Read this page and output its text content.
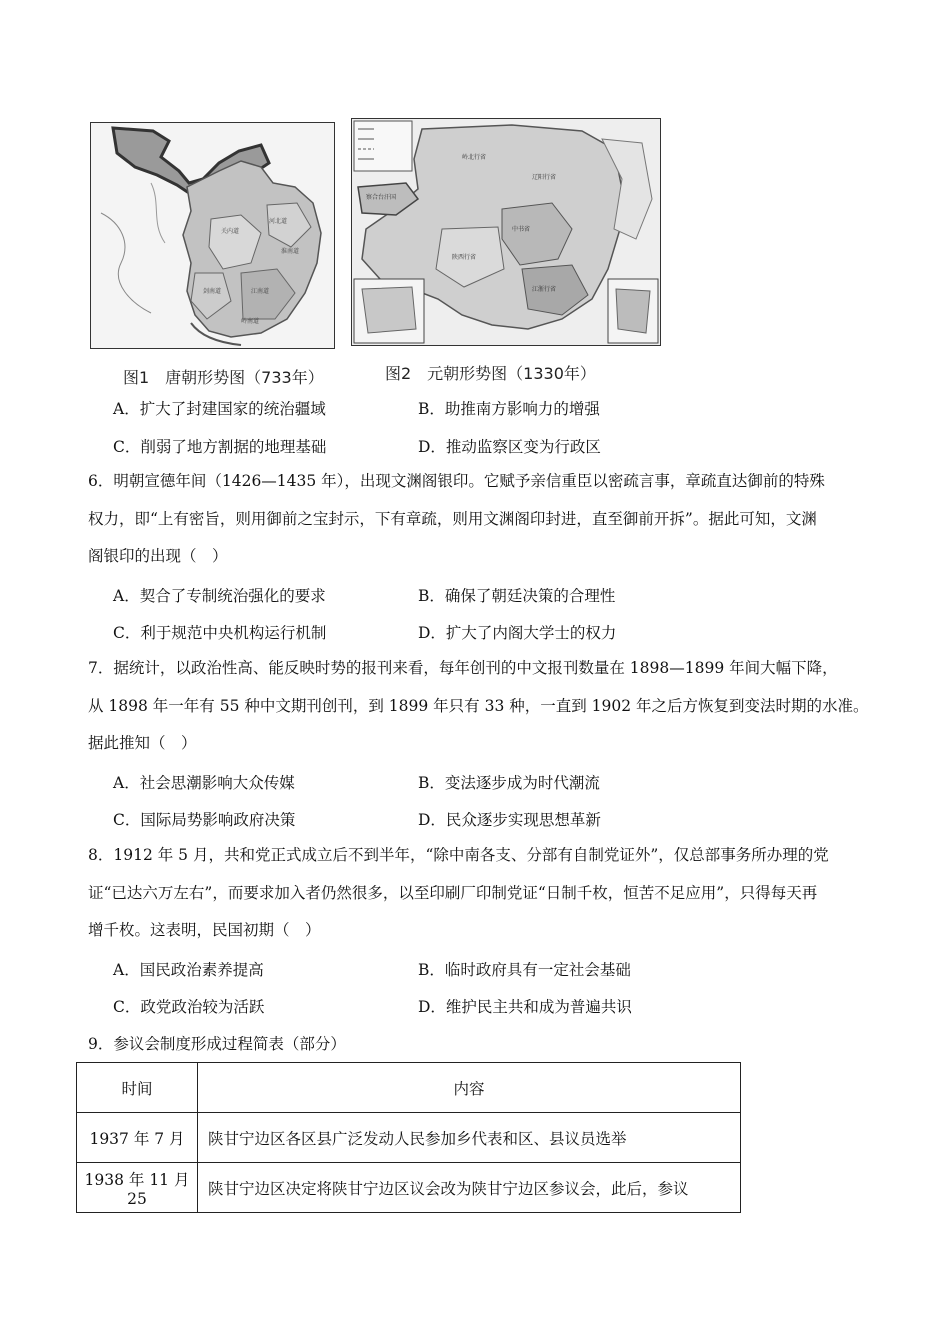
关内道
河北道
江南道
剑南道
岭南道
淮南道
图1　唐朝形势图（733年）
岭北行省
辽阳行省
中书省
陕西行省
江浙行省
察合台汗国
图2　元朝形势图（1330年）
A．扩大了封建国家的统治疆域	B．助推南方影响力的增强
C．削弱了地方割据的地理基础	D．推动监察区变为行政区
6．明朝宣德年间（1426—1435 年），出现文渊阁银印。它赋予亲信重臣以密疏言事，章疏直达御前的特殊
权力，即“上有密旨，则用御前之宝封示，下有章疏，则用文渊阁印封进，直至御前开拆”。据此可知，文渊
阁银印的出现（　）
A．契合了专制统治强化的要求	B．确保了朝廷决策的合理性
C．利于规范中央机构运行机制	D．扩大了内阁大学士的权力
7．据统计，以政治性高、能反映时势的报刊来看，每年创刊的中文报刊数量在 1898—1899 年间大幅下降，
从 1898 年一年有 55 种中文期刊创刊，到 1899 年只有 33 种，一直到 1902 年之后方恢复到变法时期的水准。
据此推知（　）
A．社会思潮影响大众传媒	B．变法逐步成为时代潮流
C．国际局势影响政府决策	D．民众逐步实现思想革新
8．1912 年 5 月，共和党正式成立后不到半年，“除中南各支、分部有自制党证外”，仅总部事务所办理的党
证“已达六万左右”，而要求加入者仍然很多，以至印刷厂印制党证“日制千枚，恒苦不足应用”，只得每天再
增千枚。这表明，民国初期（　）
A．国民政治素养提高	B．临时政府具有一定社会基础
C．政党政治较为活跃	D．维护民主共和成为普遍共识
9．参议会制度形成过程简表（部分）
时间	内容
1937 年 7 月	陕甘宁边区各区县广泛发动人民参加乡代表和区、县议员选举
1938 年 11 月 25	陕甘宁边区决定将陕甘宁边区议会改为陕甘宁边区参议会，此后，参议
